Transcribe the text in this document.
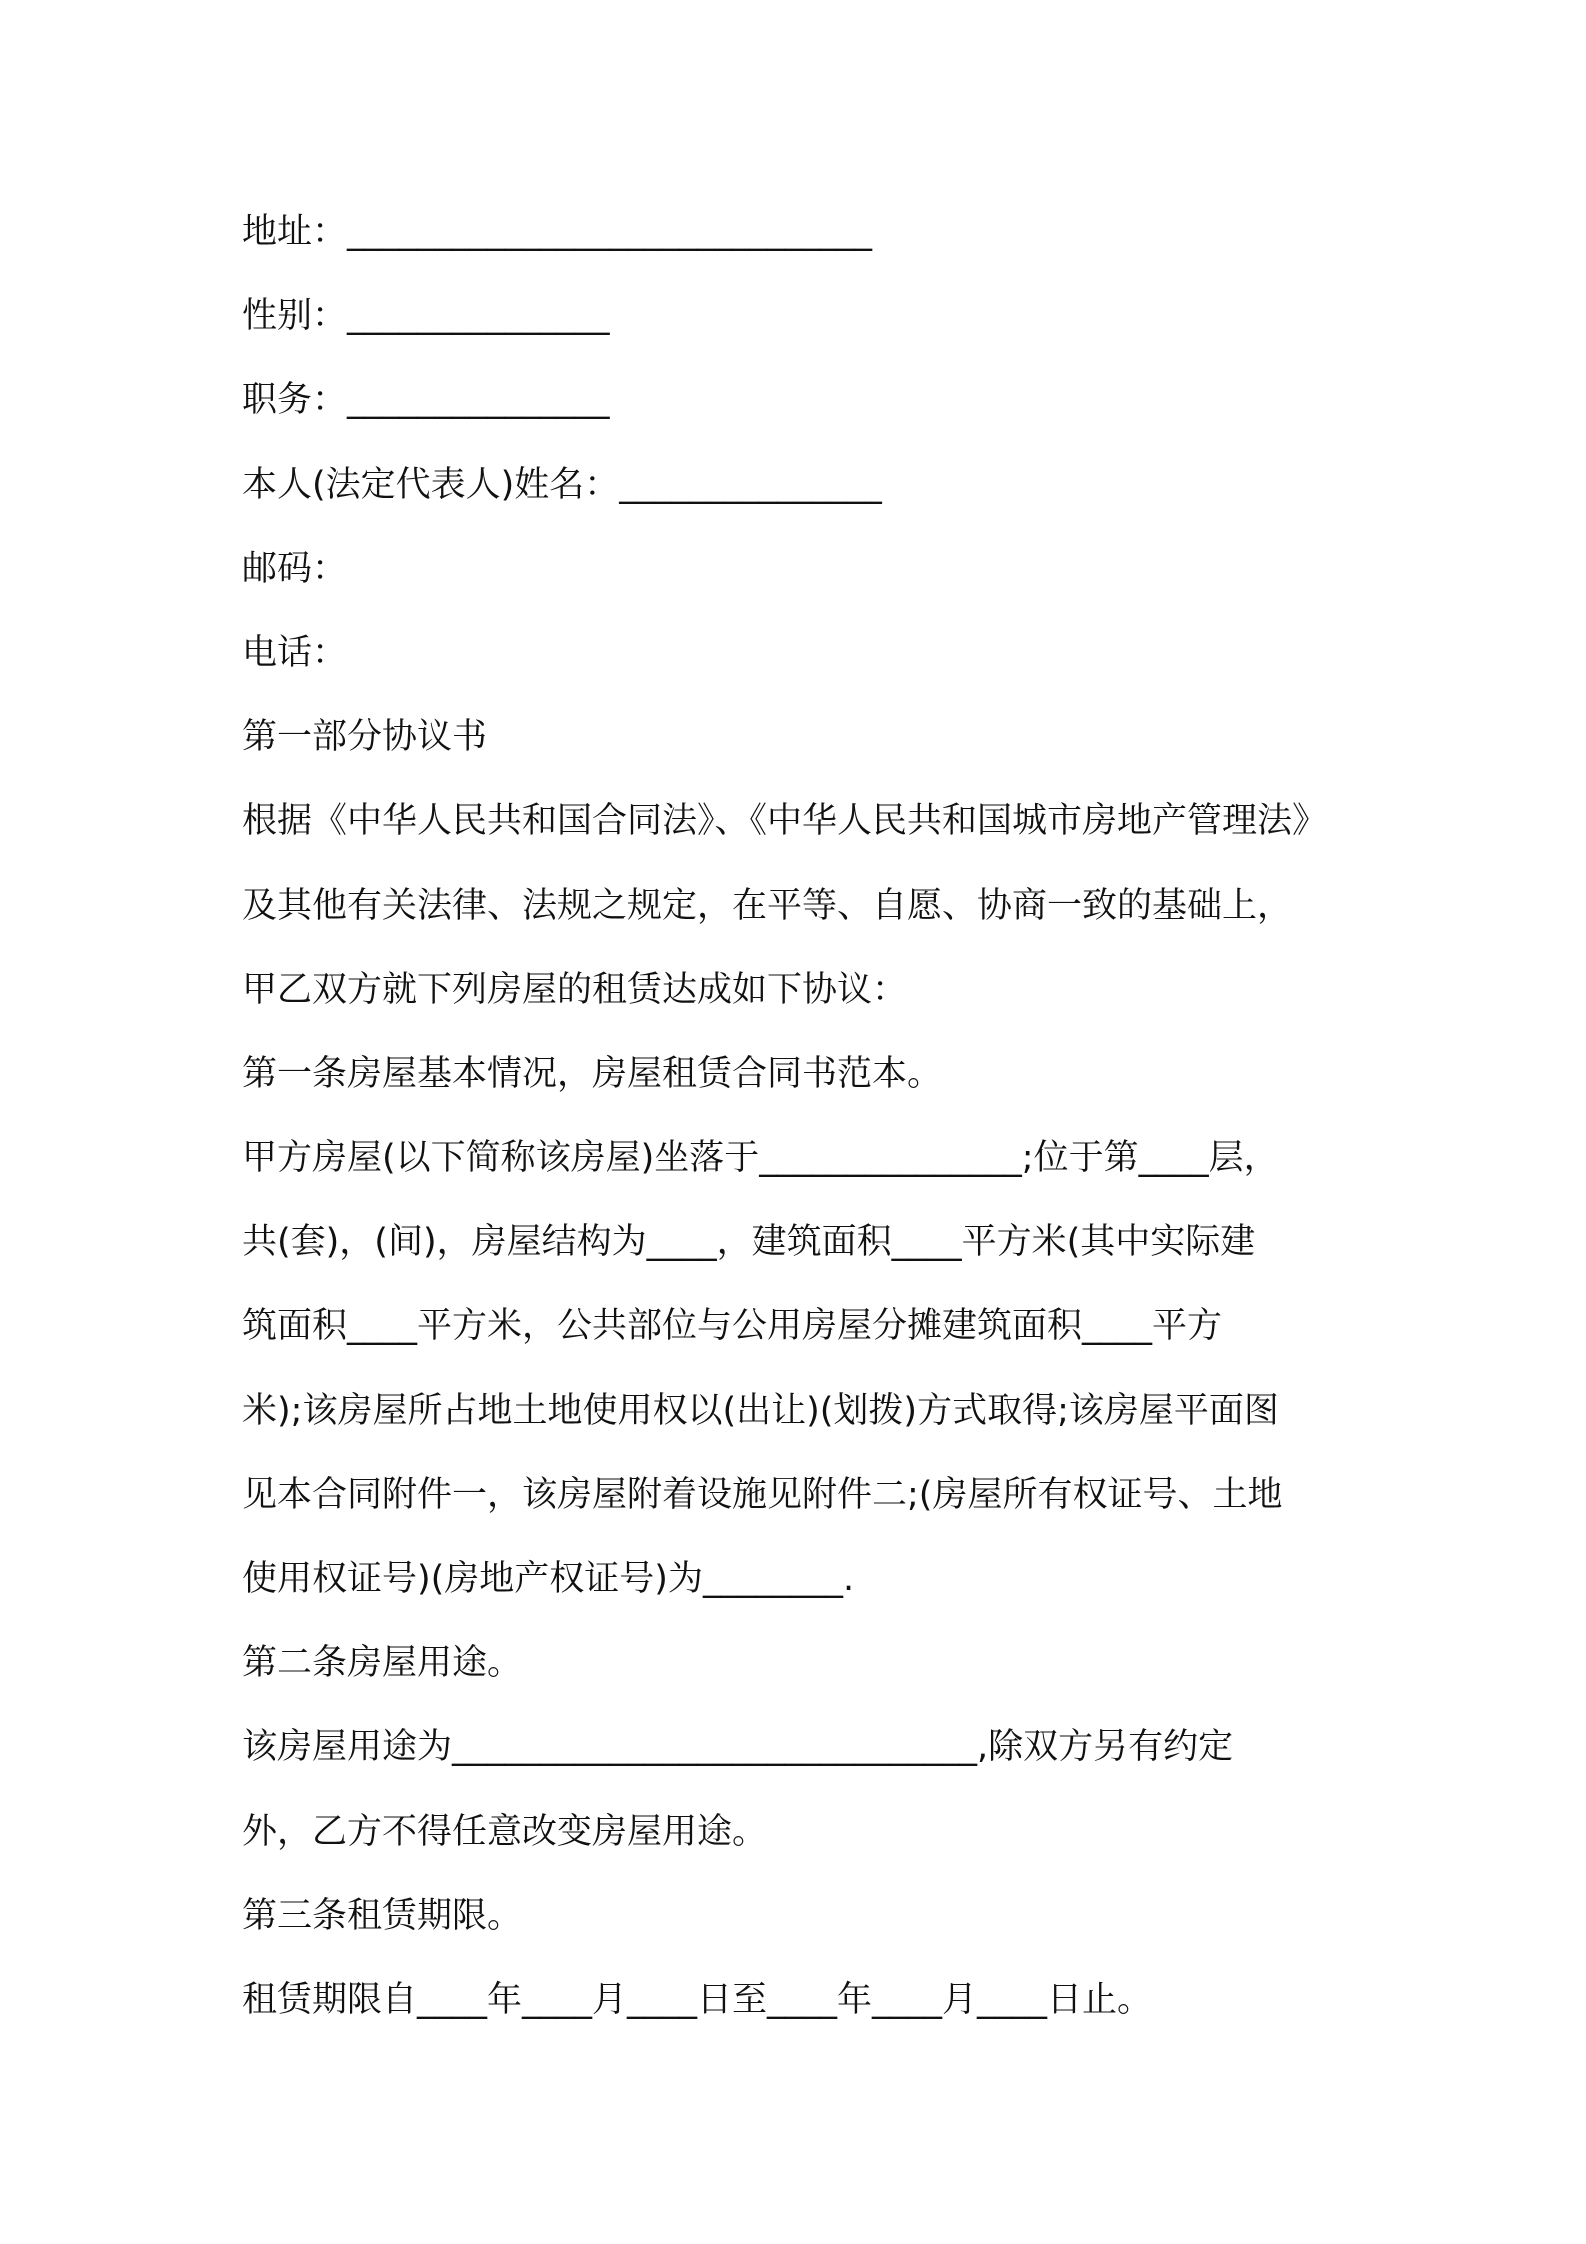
地址：______________________________
性别：_______________
职务：_______________
本人(法定代表人)姓名：_______________
邮码：
电话：
第一部分协议书
根据《中华人民共和国合同法》、《中华人民共和国城市房地产管理法》
及其他有关法律、法规之规定，在平等、自愿、协商一致的基础上，
甲乙双方就下列房屋的租赁达成如下协议：
第一条房屋基本情况，房屋租赁合同书范本。
甲方房屋(以下简称该房屋)坐落于_______________;位于第____层，
共(套)，(间)，房屋结构为____，建筑面积____平方米(其中实际建
筑面积____平方米，公共部位与公用房屋分摊建筑面积____平方
米);该房屋所占地土地使用权以(出让)(划拨)方式取得;该房屋平面图
见本合同附件一，该房屋附着设施见附件二;(房屋所有权证号、土地
使用权证号)(房地产权证号)为________.
第二条房屋用途。
该房屋用途为______________________________,除双方另有约定
外，乙方不得任意改变房屋用途。
第三条租赁期限。
租赁期限自____年____月____日至____年____月____日止。
